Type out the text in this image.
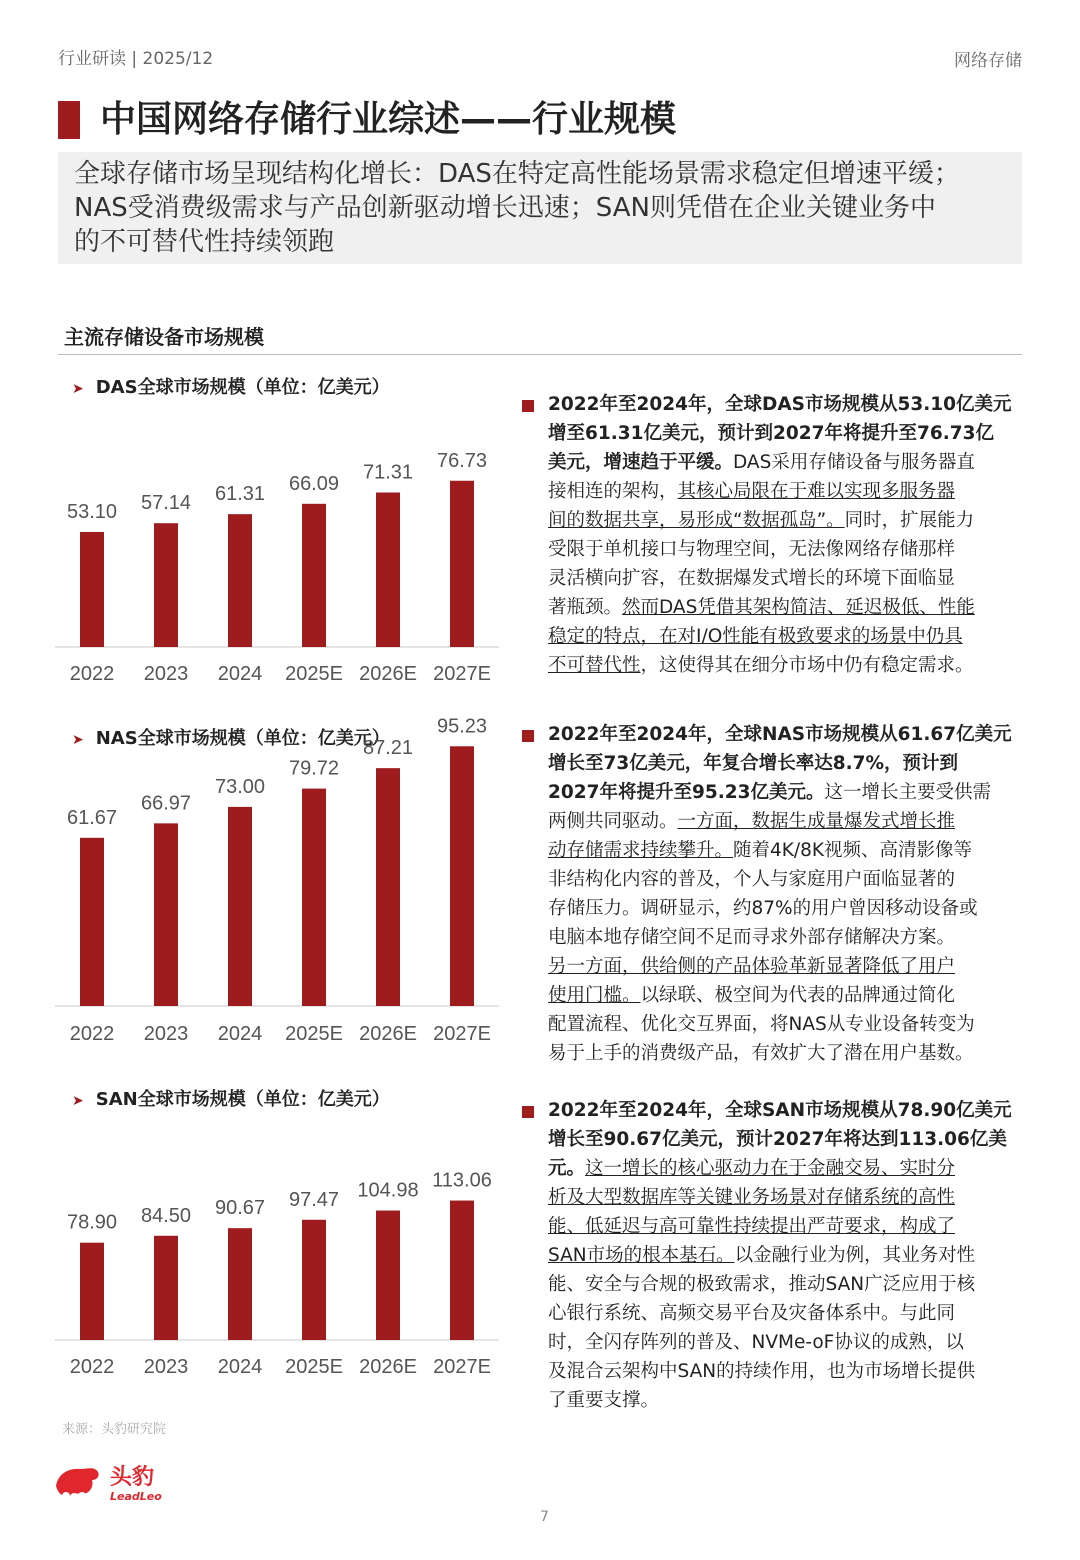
行业研读 | 2025/12	网络存储
中国网络存储行业综述——行业规模
全球存储市场呈现结构化增长：DAS在特定高性能场景需求稳定但增速平缓；
NAS受消费级需求与产品创新驱动增长迅速；SAN则凭借在企业关键业务中
的不可替代性持续领跑
主流存储设备市场规模
➤ DAS全球市场规模（单位：亿美元）
➤ NAS全球市场规模（单位：亿美元）
➤ SAN全球市场规模（单位：亿美元）
53.10
2022
57.14
2023
61.31
2024
66.09
2025E
71.31
2026E
76.73
2027E
61.67
2022
66.97
2023
73.00
2024
79.72
2025E
87.21
2026E
95.23
2027E
78.90
2022
84.50
2023
90.67
2024
97.47
2025E
104.98
2026E
113.06
2027E
2022年至2024年，全球DAS市场规模从53.10亿美元
增至61.31亿美元，预计到2027年将提升至76.73亿
美元，增速趋于平缓。DAS采用存储设备与服务器直
接相连的架构，其核心局限在于难以实现多服务器
间的数据共享，易形成“数据孤岛”。同时，扩展能力
受限于单机接口与物理空间，无法像网络存储那样
灵活横向扩容，在数据爆发式增长的环境下面临显
著瓶颈。然而DAS凭借其架构简洁、延迟极低、性能
稳定的特点，在对I/O性能有极致要求的场景中仍具
不可替代性，这使得其在细分市场中仍有稳定需求。
2022年至2024年，全球NAS市场规模从61.67亿美元
增长至73亿美元，年复合增长率达8.7%，预计到
2027年将提升至95.23亿美元。这一增长主要受供需
两侧共同驱动。一方面，数据生成量爆发式增长推
动存储需求持续攀升。随着4K/8K视频、高清影像等
非结构化内容的普及，个人与家庭用户面临显著的
存储压力。调研显示，约87%的用户曾因移动设备或
电脑本地存储空间不足而寻求外部存储解决方案。
另一方面，供给侧的产品体验革新显著降低了用户
使用门槛。以绿联、极空间为代表的品牌通过简化
配置流程、优化交互界面，将NAS从专业设备转变为
易于上手的消费级产品，有效扩大了潜在用户基数。
2022年至2024年，全球SAN市场规模从78.90亿美元
增长至90.67亿美元，预计2027年将达到113.06亿美
元。这一增长的核心驱动力在于金融交易、实时分
析及大型数据库等关键业务场景对存储系统的高性
能、低延迟与高可靠性持续提出严苛要求，构成了
SAN市场的根本基石。以金融行业为例，其业务对性
能、安全与合规的极致需求，推动SAN广泛应用于核
心银行系统、高频交易平台及灾备体系中。与此同
时，全闪存阵列的普及、NVMe-oF协议的成熟，以
及混合云架构中SAN的持续作用，也为市场增长提供
了重要支撑。
来源：头豹研究院
头豹
LeadLeo
7
